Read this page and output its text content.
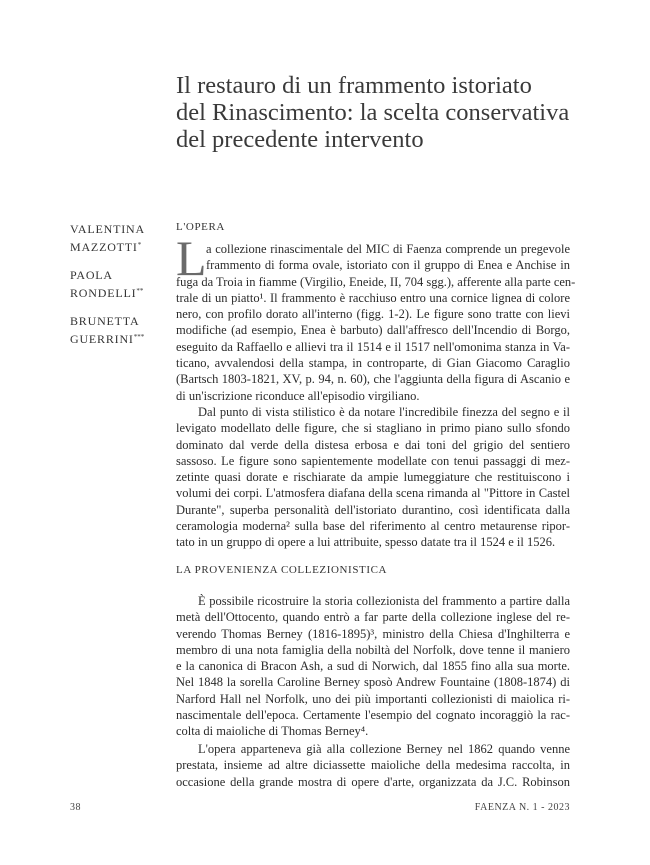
Il restauro di un frammento istoriato
del Rinascimento: la scelta conservativa
del precedente intervento
VALENTINA
MAZZOTTI*
PAOLA
RONDELLI**
BRUNETTA
GUERRINI***
L'OPERA
L a collezione rinascimentale del MIC di Faenza comprende un pregevole
frammento di forma ovale, istoriato con il gruppo di Enea e Anchise in
fuga da Troia in fiamme (Virgilio, Eneide, II, 704 sgg.), afferente alla parte cen-
trale di un piatto¹. Il frammento è racchiuso entro una cornice lignea di colore
nero, con profilo dorato all'interno (figg. 1-2). Le figure sono tratte con lievi
modifiche (ad esempio, Enea è barbuto) dall'affresco dell'Incendio di Borgo,
eseguito da Raffaello e allievi tra il 1514 e il 1517 nell'omonima stanza in Va-
ticano, avvalendosi della stampa, in controparte, di Gian Giacomo Caraglio
(Bartsch 1803-1821, XV, p. 94, n. 60), che l'aggiunta della figura di Ascanio e
di un'iscrizione riconduce all'episodio virgiliano.
Dal punto di vista stilistico è da notare l'incredibile finezza del segno e il
levigato modellato delle figure, che si stagliano in primo piano sullo sfondo
dominato dal verde della distesa erbosa e dai toni del grigio del sentiero
sassoso. Le figure sono sapientemente modellate con tenui passaggi di mez-
zetinte quasi dorate e rischiarate da ampie lumeggiature che restituiscono i
volumi dei corpi. L'atmosfera diafana della scena rimanda al "Pittore in Castel
Durante", superba personalità dell'istoriato durantino, così identificata dalla
ceramologia moderna² sulla base del riferimento al centro metaurense ripor-
tato in un gruppo di opere a lui attribuite, spesso datate tra il 1524 e il 1526.
LA PROVENIENZA COLLEZIONISTICA
È possibile ricostruire la storia collezionista del frammento a partire dalla
metà dell'Ottocento, quando entrò a far parte della collezione inglese del re-
verendo Thomas Berney (1816-1895)³, ministro della Chiesa d'Inghilterra e
membro di una nota famiglia della nobiltà del Norfolk, dove tenne il maniero
e la canonica di Bracon Ash, a sud di Norwich, dal 1855 fino alla sua morte.
Nel 1848 la sorella Caroline Berney sposò Andrew Fountaine (1808-1874) di
Narford Hall nel Norfolk, uno dei più importanti collezionisti di maiolica ri-
nascimentale dell'epoca. Certamente l'esempio del cognato incoraggiò la rac-
colta di maioliche di Thomas Berney⁴.
L'opera apparteneva già alla collezione Berney nel 1862 quando venne
prestata, insieme ad altre diciassette maioliche della medesima raccolta, in
occasione della grande mostra di opere d'arte, organizzata da J.C. Robinson
38	FAENZA N. 1 - 2023
